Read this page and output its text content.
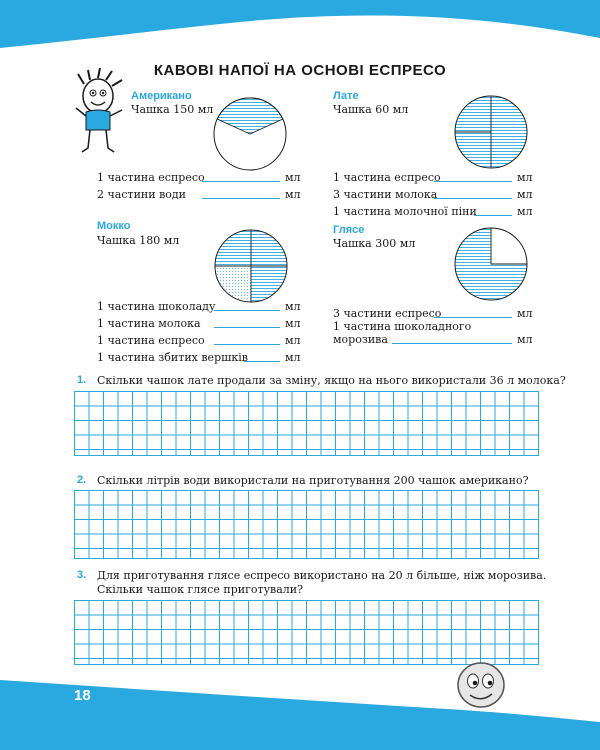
18
КАВОВІ НАПОЇ НА ОСНОВІ ЕСПРЕСО
Американо
Чашка 150 мл
1 частина еспресо	мл
2 частини води	мл
Лате
Чашка 60 мл
1 частина еспресо	мл
3 частини молока	мл
1 частина молочної піни	мл
Мокко
Чашка 180 мл
1 частина шоколаду	мл
1 частина молока	мл
1 частина еспресо	мл
1 частина збитих вершків	мл
Глясе
Чашка 300 мл
3 частини еспресо	мл
1 частина шоколадного
морозива	мл
1. Скільки чашок лате продали за зміну, якщо на нього використали 36 л молока?
2. Скільки літрів води використали на приготування 200 чашок американо?
3. Для приготування глясе еспресо використано на 20 л більше, ніж морозива.
Скільки чашок глясе приготували?
